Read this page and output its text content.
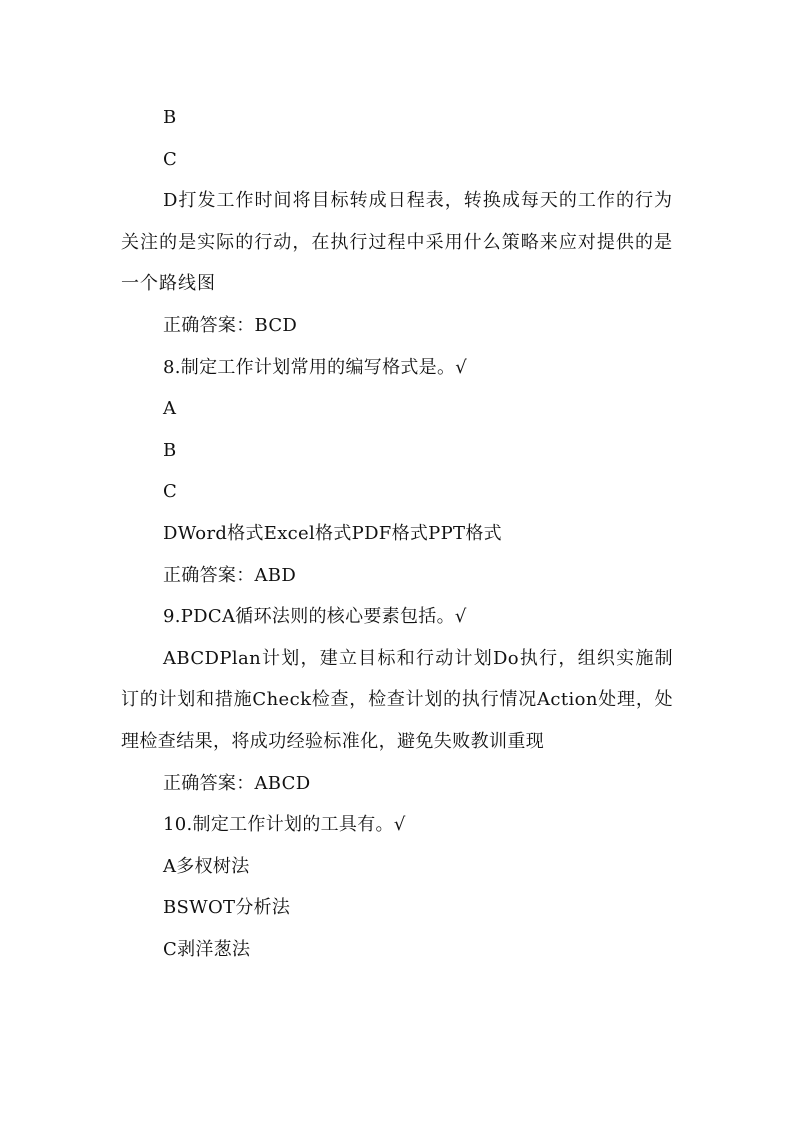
B
C
D打发工作时间将目标转成日程表，转换成每天的工作的行为关注的是实际的行动，在执行过程中采用什么策略来应对提供的是一个路线图
正确答案：BCD
8.制定工作计划常用的编写格式是。√
A
B
C
DWord格式Excel格式PDF格式PPT格式
正确答案：ABD
9.PDCA循环法则的核心要素包括。√
ABCDPlan计划，建立目标和行动计划Do执行，组织实施制订的计划和措施Check检查，检查计划的执行情况Action处理，处理检查结果，将成功经验标准化，避免失败教训重现
正确答案：ABCD
10.制定工作计划的工具有。√
A多杈树法
BSWOT分析法
C剥洋葱法
